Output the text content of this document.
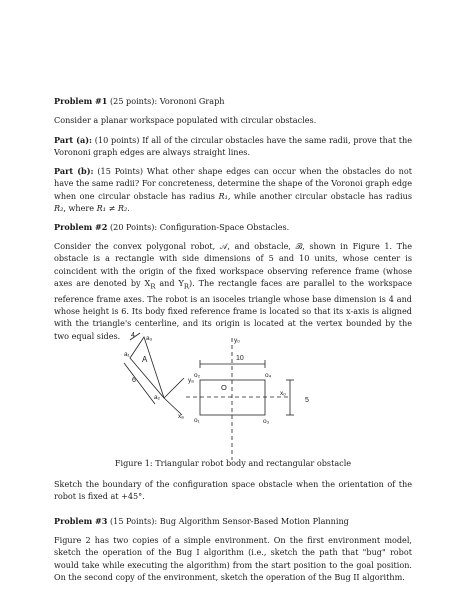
Problem #1 (25 points): Vorononi Graph
Consider a planar workspace populated with circular obstacles.
Part (a): (10 points) If all of the circular obstacles have the same radii, prove that the Vorononi graph edges are always straight lines.
Part (b): (15 Points) What other shape edges can occur when the obstacles do not have the same radii? For concreteness, determine the shape of the Voronoi graph edge when one circular obstacle has radius R₁, while another circular obstacle has radius R₂, where R₁ ≠ R₂.
Problem #2 (20 Points): Configuration-Space Obstacles.
Consider the convex polygonal robot, 𝒜, and obstacle, ℬ, shown in Figure 1. The obstacle is a rectangle with side dimensions of 5 and 10 units, whose center is coincident with the origin of the fixed workspace observing reference frame (whose axes are denoted by $X_R$ and $Y_R$). The rectangle faces are parallel to the workspace reference frame axes. The robot is an isoceles triangle whose base dimension is 4 and whose height is 6. Its body fixed reference frame is located so that its x-axis is aligned with the triangle's centerline, and its origin is located at the vertex bounded by the two equal sides.	a₃
a₁
a₂
A
4
6	yₐ
xₐ
yₒ
xₒ
O
o₁
o₂
o₃
o₄
10
5
Figure 1: Triangular robot body and rectangular obstacle
Sketch the boundary of the configuration space obstacle when the orientation of the robot is fixed at +45°.
Problem #3 (15 Points): Bug Algorithm Sensor-Based Motion Planning
Figure 2 has two copies of a simple environment. On the first environment model, sketch the operation of the Bug I algorithm (i.e., sketch the path that "bug" robot would take while executing the algorithm) from the start position to the goal position. On the second copy of the environment, sketch the operation of the Bug II algorithm.
